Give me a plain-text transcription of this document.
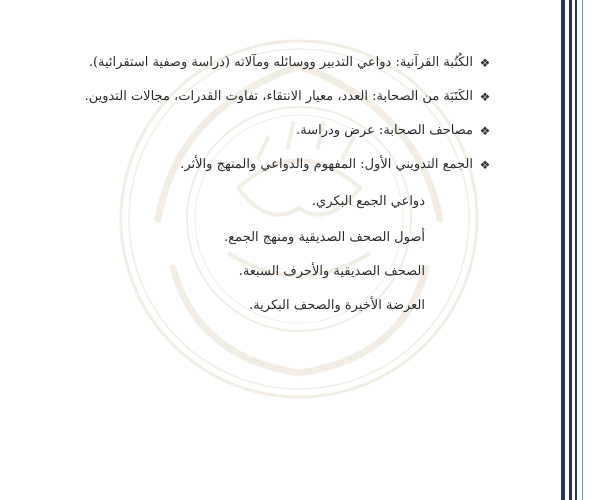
❖
الكُتُبة القرآنية: دواعي التدبير ووسائله ومآلاته (دراسة وصفية استقرائية).
❖
الكَتَبَة من الصحابة: العدد، معيار الانتقاء، تفاوت القدرات، مجالات التدوين.
❖
مصاحف الصحابة: عرض ودراسة.
❖
الجمع التدويني الأول: المفهوم والدواعي والمنهج والأثر.
دواعي الجمع البكري.
أصول الصحف الصديقية ومنهج الجمع.
الصحف الصديقية والأحرف السبعة.
العرضة الأخيرة والصحف البكرية.
